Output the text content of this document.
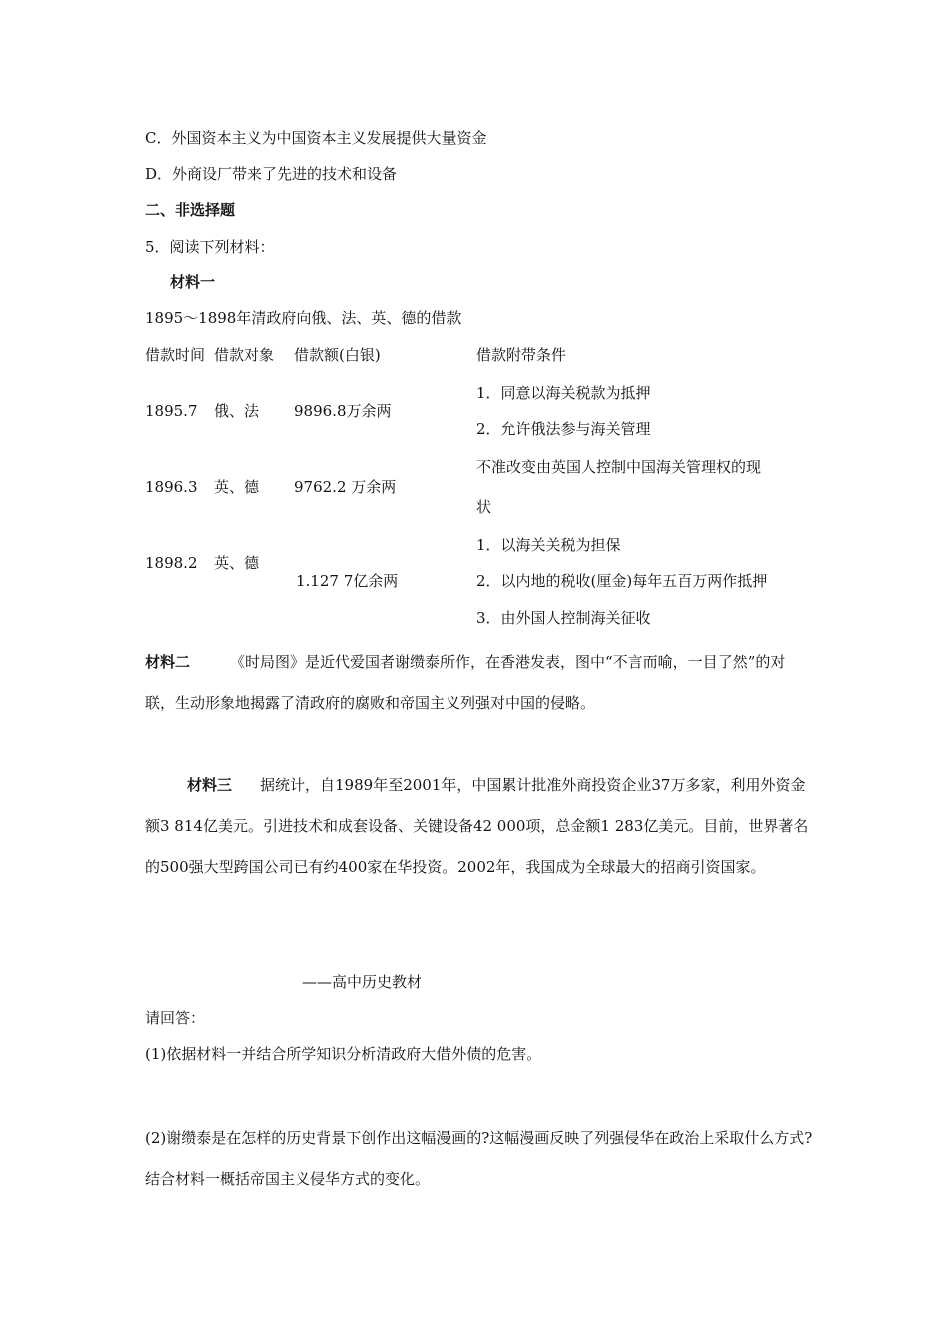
C．外国资本主义为中国资本主义发展提供大量资金
D．外商设厂带来了先进的技术和设备
二、非选择题
5．阅读下列材料：
材料一
1895～1898年清政府向俄、法、英、德的借款
借款时间 借款对象 借款额(白银)	借款附带条件
1895.7 俄、法 9896.8万余两
1．同意以海关税款为抵押
2．允许俄法参与海关管理
1896.3 英、德 9762.2 万余两
不准改变由英国人控制中国海关管理权的现
状
1898.2 英、德
1.127 7亿余两
1．以海关关税为担保
2．以内地的税收(厘金)每年五百万两作抵押
3．由外国人控制海关征收
材料二	《时局图》是近代爱国者谢缵泰所作，在香港发表，图中“不言而喻，一目了然”的对联，生动形象地揭露了清政府的腐败和帝国主义列强对中国的侵略。
材料三 据统计，自1989年至2001年，中国累计批准外商投资企业37万多家，利用外资金额3 814亿美元。引进技术和成套设备、关键设备42 000项，总金额1 283亿美元。目前，世界著名的500强大型跨国公司已有约400家在华投资。2002年，我国成为全球最大的招商引资国家。
——高中历史教材
请回答：
(1)依据材料一并结合所学知识分析清政府大借外债的危害。
(2)谢缵泰是在怎样的历史背景下创作出这幅漫画的?这幅漫画反映了列强侵华在政治上采取什么方式?结合材料一概括帝国主义侵华方式的变化。
